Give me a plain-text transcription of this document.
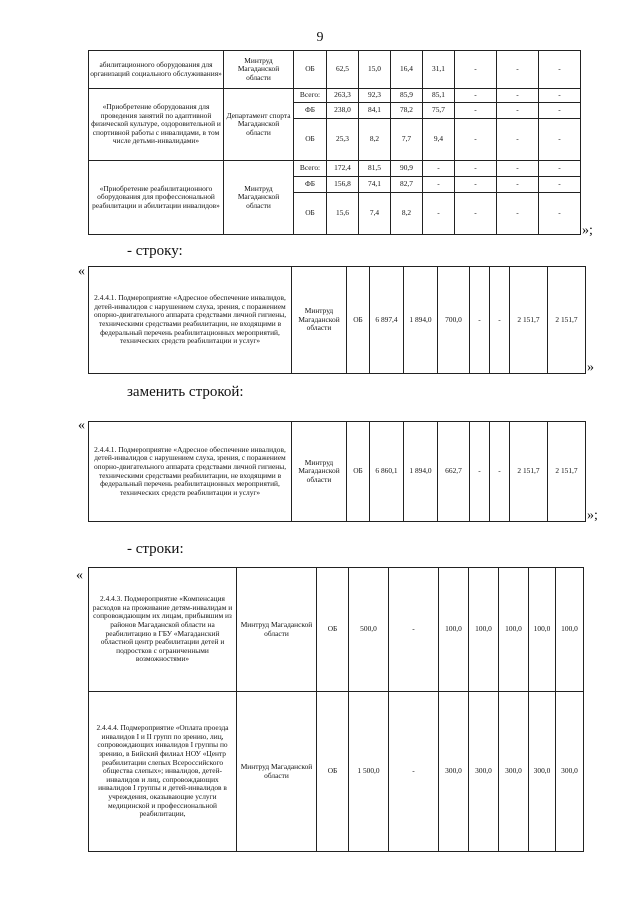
9
абилитационного оборудования для организаций социального обслуживания»	Минтруд Магаданской области	ОБ	62,5	15,0	16,4	31,1	-	-	-
«Приобретение оборудования для проведения занятий по адаптивной физической культуре, оздоровительной и спортивной работы с инвалидами, в том числе детьми-инвалидами»	Департамент спорта Магаданской области	Всего:	263,3	92,3	85,9	85,1	-	-	-
		ФБ	238,0	84,1	78,2	75,7	-	-	-
		ОБ	25,3	8,2	7,7	9,4	-	-	-
«Приобретение реабилитационного оборудования для профессиональной реабилитации и абилитации инвалидов»	Минтруд Магаданской области	Всего:	172,4	81,5	90,9	-	-	-	-
		ФБ	156,8	74,1	82,7	-	-	-	-
		ОБ	15,6	7,4	8,2	-	-	-	-
»;
- строку:
«
2.4.4.1. Подмероприятие «Адресное обеспечение инвалидов, детей-инвалидов с нарушением слуха, зрения, с поражением опорно-двигательного аппарата средствами личной гигиены, техническими средствами реабилитации, не входящими в федеральный перечень реабилитационных мероприятий, технических средств реабилитации и услуг»	Минтруд Магаданской области	ОБ	6 897,4	1 894,0	700,0	-	-	2 151,7	2 151,7
»
заменить строкой:
«
2.4.4.1. Подмероприятие «Адресное обеспечение инвалидов, детей-инвалидов с нарушением слуха, зрения, с поражением опорно-двигательного аппарата средствами личной гигиены, техническими средствами реабилитации, не входящими в федеральный перечень реабилитационных мероприятий, технических средств реабилитации и услуг»	Минтруд Магаданской области	ОБ	6 860,1	1 894,0	662,7	-	-	2 151,7	2 151,7
»;
- строки:
«
2.4.4.3. Подмероприятие «Компенсация расходов на проживание детям-инвалидам и сопровождающим их лицам, прибывшим из районов Магаданской области на реабилитацию в ГБУ «Магаданский областной центр реабилитации детей и подростков с ограниченными возможностями»	Минтруд Магаданской области	ОБ	500,0	-	100,0	100,0	100,0	100,0	100,0
2.4.4.4. Подмероприятие «Оплата проезда инвалидов I и II групп по зрению, лиц, сопровождающих инвалидов I группы по зрению, в Бийский филиал НОУ «Центр реабилитации слепых Всероссийского общества слепых»; инвалидов, детей-инвалидов и лиц, сопровождающих инвалидов I группы и детей-инвалидов в учреждения, оказывающие услуги медицинской и профессиональной реабилитации,	Минтруд Магаданской области	ОБ	1 500,0	-	300,0	300,0	300,0	300,0	300,0
